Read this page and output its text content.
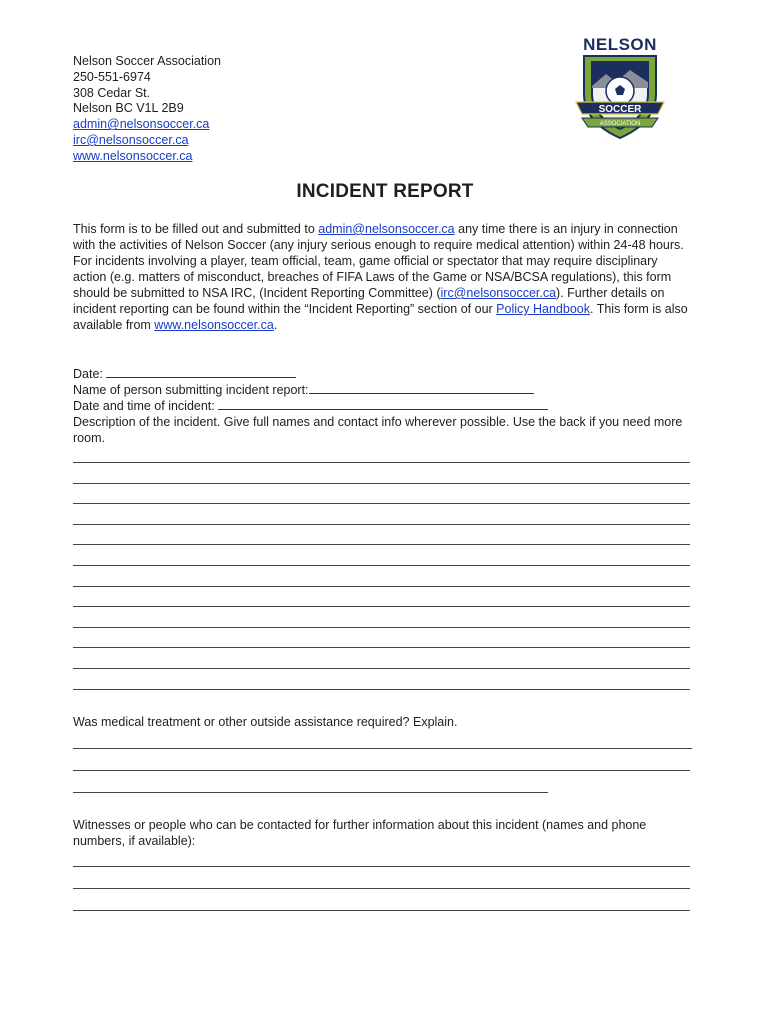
Nelson Soccer Association
250-551-6974
308 Cedar St.
Nelson BC V1L 2B9
admin@nelsonsoccer.ca
irc@nelsonsoccer.ca
www.nelsonsoccer.ca
NELSON
SOCCER
ASSOCIATION
INCIDENT REPORT
This form is to be filled out and submitted to admin@nelsonsoccer.ca any time there is an injury in connection with the activities of Nelson Soccer (any injury serious enough to require medical attention) within 24-48 hours. For incidents involving a player, team official, team, game official or spectator that may require disciplinary action (e.g. matters of misconduct, breaches of FIFA Laws of the Game or NSA/BCSA regulations), this form should be submitted to NSA IRC, (Incident Reporting Committee) (irc@nelsonsoccer.ca). Further details on incident reporting can be found within the “Incident Reporting” section of our Policy Handbook. This form is also available from www.nelsonsoccer.ca.
Date:
Name of person submitting incident report:
Date and time of incident:
Description of the incident. Give full names and contact info wherever possible. Use the back if you need more room.
Was medical treatment or other outside assistance required? Explain.
Witnesses or people who can be contacted for further information about this incident (names and phone numbers, if available):
